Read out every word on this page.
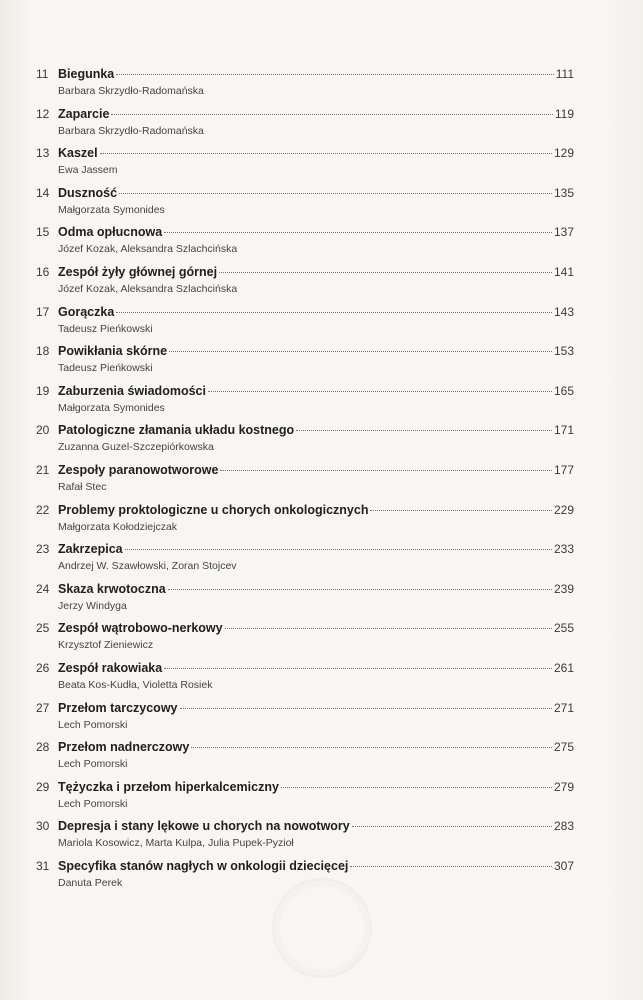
11 Biegunka	111
Barbara Skrzydło-Radomańska
12 Zaparcie	119
Barbara Skrzydło-Radomańska
13 Kaszel	129
Ewa Jassem
14 Duszność	135
Małgorzata Symonides
15 Odma opłucnowa	137
Józef Kozak, Aleksandra Szlachcińska
16 Zespół żyły głównej górnej	141
Józef Kozak, Aleksandra Szlachcińska
17 Gorączka	143
Tadeusz Pieńkowski
18 Powikłania skórne	153
Tadeusz Pieńkowski
19 Zaburzenia świadomości	165
Małgorzata Symonides
20 Patologiczne złamania układu kostnego	171
Zuzanna Guzel-Szczepiórkowska
21 Zespoły paranowotworowe	177
Rafał Stec
22 Problemy proktologiczne u chorych onkologicznych	229
Małgorzata Kołodziejczak
23 Zakrzepica	233
Andrzej W. Szawłowski, Zoran Stojcev
24 Skaza krwotoczna	239
Jerzy Windyga
25 Zespół wątrobowo-nerkowy	255
Krzysztof Zieniewicz
26 Zespół rakowiaka	261
Beata Kos-Kudła, Violetta Rosiek
27 Przełom tarczycowy	271
Lech Pomorski
28 Przełom nadnerczowy	275
Lech Pomorski
29 Tężyczka i przełom hiperkalcemiczny	279
Lech Pomorski
30 Depresja i stany lękowe u chorych na nowotwory	283
Mariola Kosowicz, Marta Kulpa, Julia Pupek-Pyzioł
31 Specyfika stanów nagłych w onkologii dziecięcej	307
Danuta Perek
